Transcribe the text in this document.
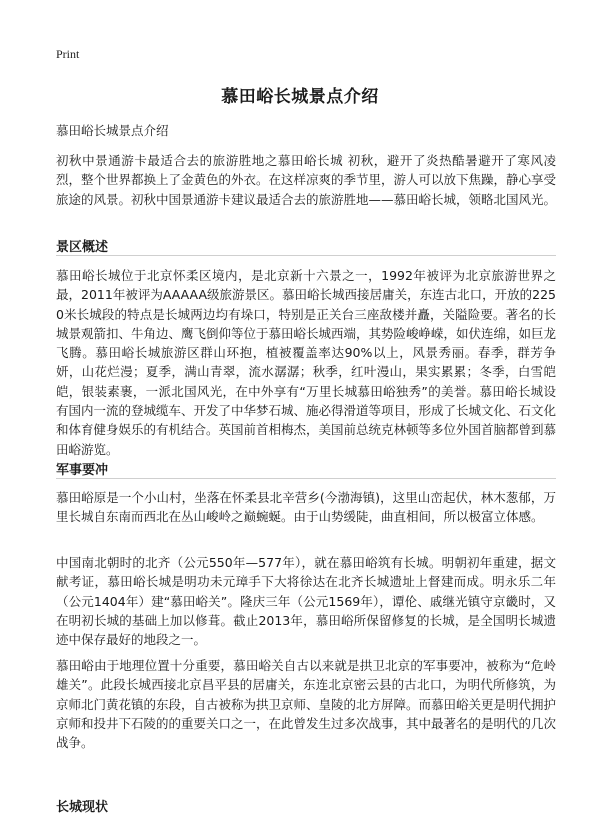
Print
慕田峪长城景点介绍

慕田峪长城景点介绍

初秋中景通游卡最适合去的旅游胜地之慕田峪长城 初秋，避开了炎热酷暑避开了寒风凌烈，整个世界都换上了金黄色的外衣。在这样凉爽的季节里，游人可以放下焦躁，静心享受旅途的风景。初秋中国景通游卡建议最适合去的旅游胜地——慕田峪长城，领略北国风光。

景区概述

慕田峪长城位于北京怀柔区境内，是北京新十六景之一，1992年被评为北京旅游世界之最，2011年被评为AAAAA级旅游景区。慕田峪长城西接居庸关，东连古北口，开放的2250米长城段的特点是长城两边均有垛口，特别是正关台三座敌楼并矗，关隘险要。著名的长城景观箭扣、牛角边、鹰飞倒仰等位于慕田峪长城西端，其势险峻峥嵘，如伏连绵，如巨龙飞腾。慕田峪长城旅游区群山环抱，植被覆盖率达90%以上，风景秀丽。春季，群芳争妍，山花烂漫；夏季，满山青翠，流水潺潺；秋季，红叶漫山，果实累累；冬季，白雪皑皑，银装素裹，一派北国风光，在中外享有“万里长城慕田峪独秀”的美誉。慕田峪长城设有国内一流的登城缆车、开发了中华梦石城、施必得滑道等项目，形成了长城文化、石文化和体育健身娱乐的有机结合。英国前首相梅杰，美国前总统克林顿等多位外国首脑都曾到慕田峪游览。

军事要冲

慕田峪原是一个小山村，坐落在怀柔县北辛营乡(今渤海镇)，这里山峦起伏，林木葱郁，万里长城自东南而西北在丛山峻岭之巅蜿蜒。由于山势缓陡，曲直相间，所以极富立体感。

中国南北朝时的北齐（公元550年—577年），就在慕田峪筑有长城。明朝初年重建，据文献考证，慕田峪长城是明功未元璋手下大将徐达在北齐长城遗址上督建而成。明永乐二年（公元1404年）建“慕田峪关”。隆庆三年（公元1569年），谭伦、戚继光镇守京畿时，又在明初长城的基础上加以修葺。截止2013年，慕田峪所保留修复的长城，是全国明长城遗迹中保存最好的地段之一。

慕田峪由于地理位置十分重要，慕田峪关自古以来就是拱卫北京的军事要冲，被称为“危岭雄关”。此段长城西接北京昌平县的居庸关，东连北京密云县的古北口，为明代所修筑，为京师北门黄花镇的东段，自古被称为拱卫京师、皇陵的北方屏障。而慕田峪关更是明代拥护京师和投井下石陵的的重要关口之一，在此曾发生过多次战事，其中最著名的是明代的几次战争。

长城现状
